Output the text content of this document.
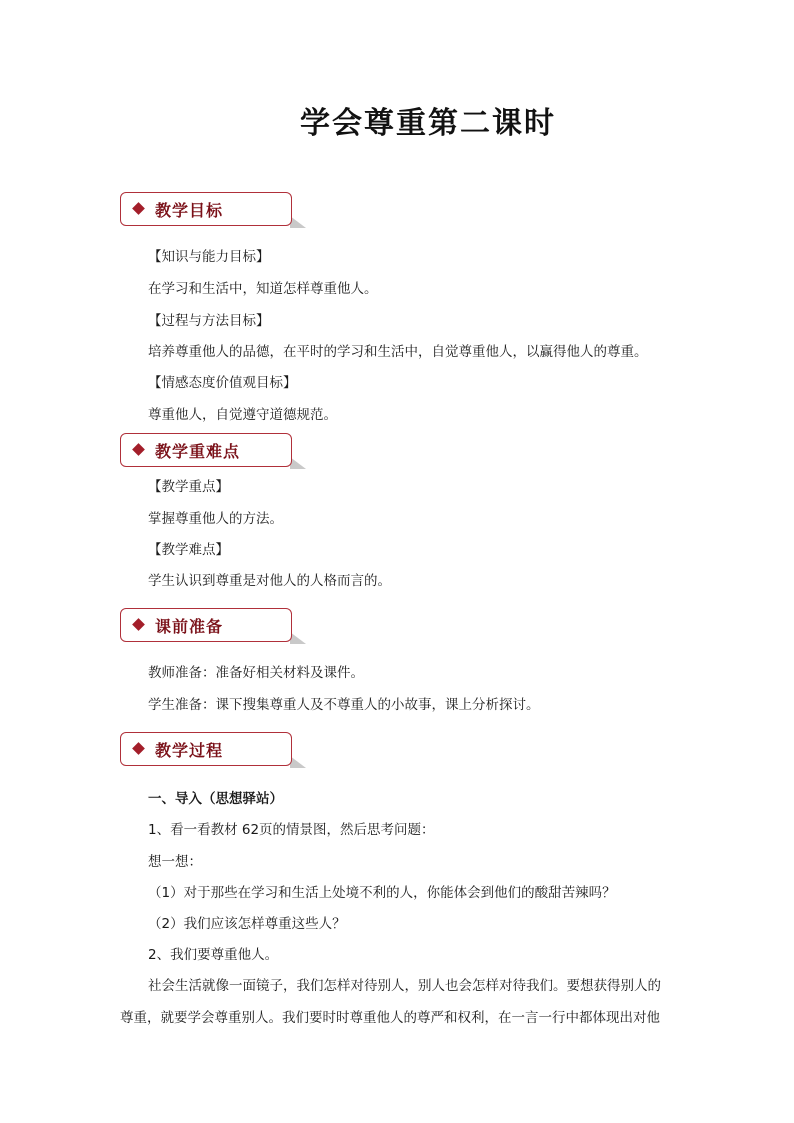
学会尊重第二课时
教学目标
【知识与能力目标】
在学习和生活中，知道怎样尊重他人。
【过程与方法目标】
培养尊重他人的品德，在平时的学习和生活中，自觉尊重他人，以赢得他人的尊重。
【情感态度价值观目标】
尊重他人，自觉遵守道德规范。
教学重难点
【教学重点】
掌握尊重他人的方法。
【教学难点】
学生认识到尊重是对他人的人格而言的。
课前准备
教师准备：准备好相关材料及课件。
学生准备：课下搜集尊重人及不尊重人的小故事，课上分析探讨。
教学过程
一、导入（思想驿站）
1、看一看教材 62页的情景图，然后思考问题：
想一想：
（1）对于那些在学习和生活上处境不利的人，你能体会到他们的酸甜苦辣吗？
（2）我们应该怎样尊重这些人？
2、我们要尊重他人。
社会生活就像一面镜子，我们怎样对待别人，别人也会怎样对待我们。要想获得别人的
尊重，就要学会尊重别人。我们要时时尊重他人的尊严和权利，在一言一行中都体现出对他
